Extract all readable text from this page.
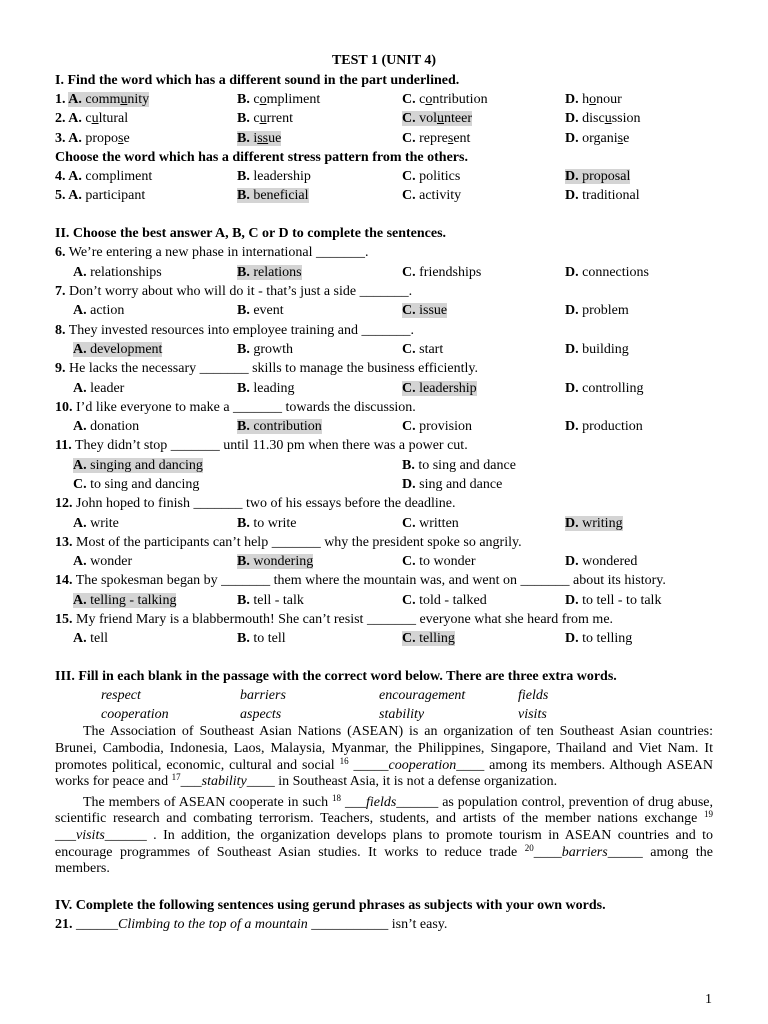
TEST 1 (UNIT 4)
I. Find the word which has a different sound in the part underlined.
1. A. community	B. compliment	C. contribution	D. honour
2. A. cultural	B. current	C. volunteer	D. discussion
3. A. propose	B. issue	C. represent	D. organise
Choose the word which has a different stress pattern from the others.
4. A. compliment	B. leadership	C. politics	D. proposal
5. A. participant	B. beneficial	C. activity	D. traditional
II. Choose the best answer A, B, C or D to complete the sentences.
6. We’re entering a new phase in international _______.
A. relationships	B. relations	C. friendships	D. connections
7. Don’t worry about who will do it - that’s just a side _______.
A. action	B. event	C. issue	D. problem
8. They invested resources into employee training and _______.
A. development	B. growth	C. start	D. building
9. He lacks the necessary _______ skills to manage the business efficiently.
A. leader	B. leading	C. leadership	D. controlling
10. I’d like everyone to make a _______ towards the discussion.
A. donation	B. contribution	C. provision	D. production
11. They didn’t stop _______ until 11.30 pm when there was a power cut.
A. singing and dancing	B. to sing and dance
C. to sing and dancing	D. sing and dance
12. John hoped to finish _______ two of his essays before the deadline.
A. write	B. to write	C. written	D. writing
13. Most of the participants can’t help _______ why the president spoke so angrily.
A. wonder	B. wondering	C. to wonder	D. wondered
14. The spokesman began by _______ them where the mountain was, and went on _______ about its history.
A. telling - talking	B. tell - talk	C. told - talked	D. to tell - to talk
15. My friend Mary is a blabbermouth! She can’t resist _______ everyone what she heard from me.
A. tell	B. to tell	C. telling	D. to telling
III. Fill in each blank in the passage with the correct word below. There are three extra words.
respect	barriers	encouragement	fields
cooperation	aspects	stability	visits

The Association of Southeast Asian Nations (ASEAN) is an organization of ten Southeast Asian countries: Brunei, Cambodia, Indonesia, Laos, Malaysia, Myanmar, the Philippines, Singapore, Thailand and Viet Nam. It promotes political, economic, cultural and social $^{16}$ _____cooperation____ among its members. Although ASEAN works for peace and $^{17}$___stability____ in Southeast Asia, it is not a defense organization.

The members of ASEAN cooperate in such $^{18}$ ___fields______ as population control, prevention of drug abuse, scientific research and combating terrorism. Teachers, students, and artists of the member nations exchange $^{19}$ ___visits______ . In addition, the organization develops plans to promote tourism in ASEAN countries and to encourage programmes of Southeast Asian studies. It works to reduce trade $^{20}$____barriers_____ among the members.

IV. Complete the following sentences using gerund phrases as subjects with your own words.
21. ______Climbing to the top of a mountain ___________ isn’t easy.
1
